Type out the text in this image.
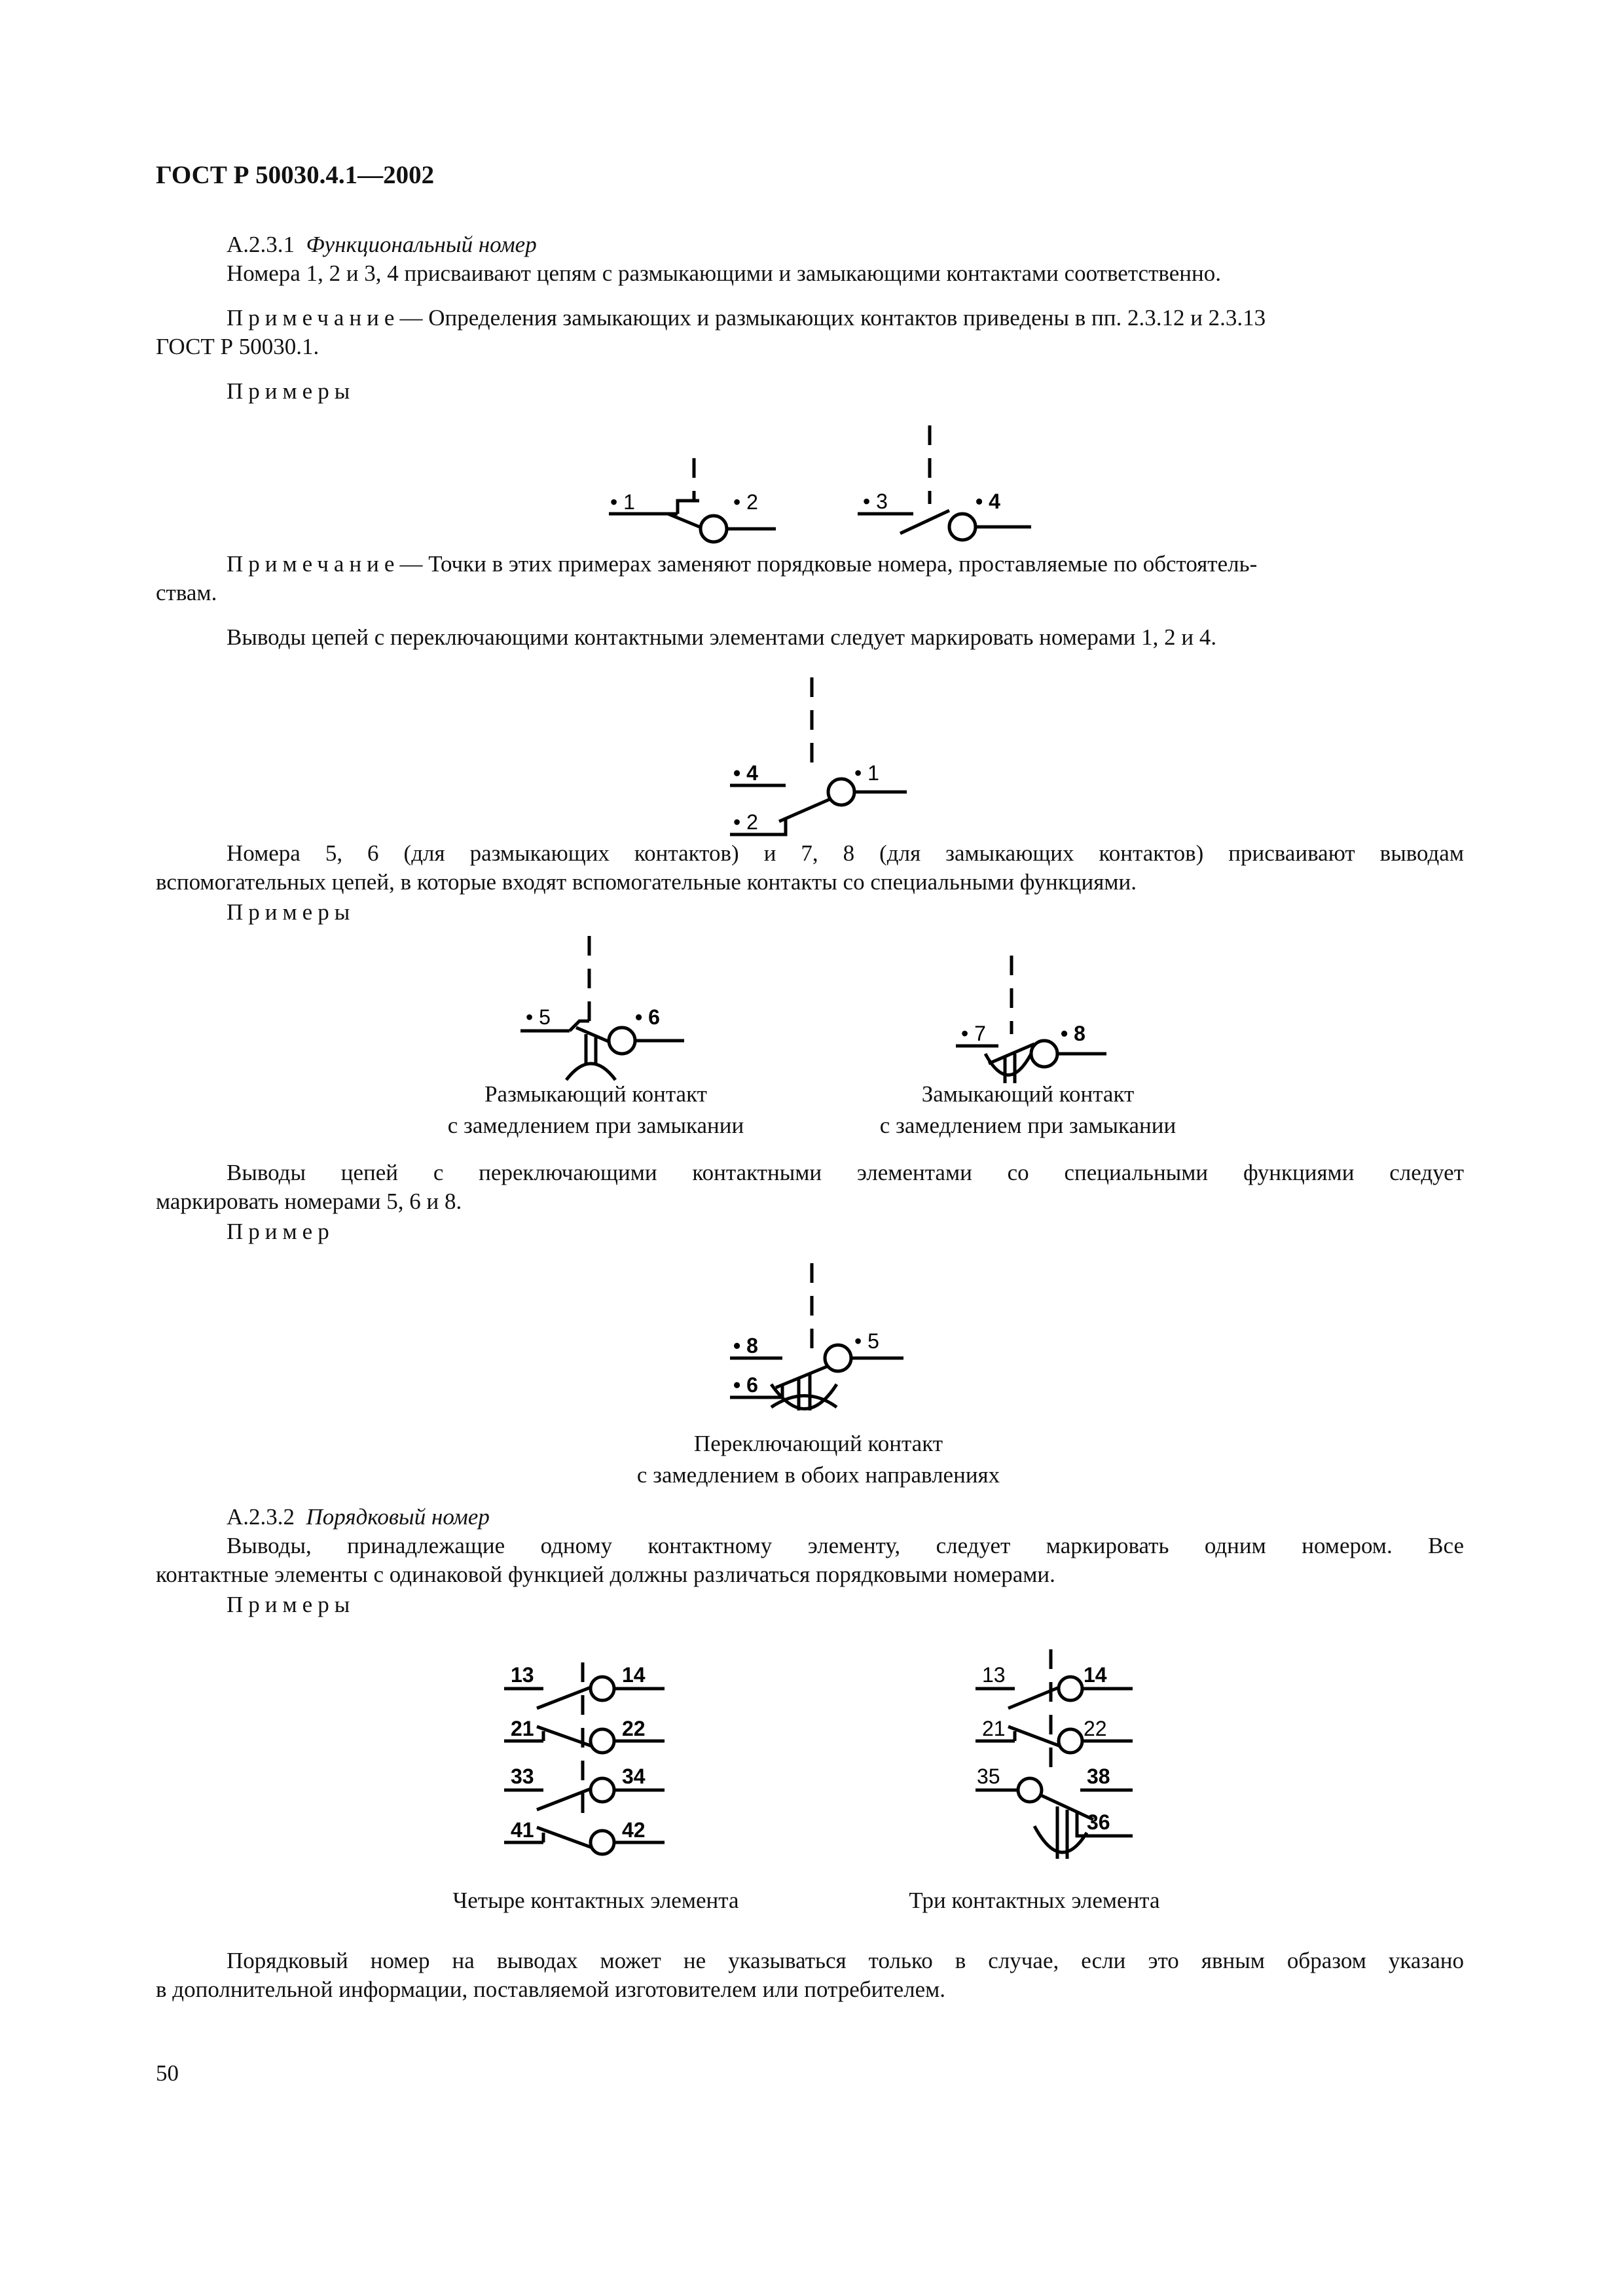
ГОСТ Р 50030.4.1—2002
А.2.3.1 Функциональный номер
Номера 1, 2 и 3, 4 присваивают цепям с размыкающими и замыкающими контактами соответственно.
Примечание— Определения замыкающих и размыкающих контактов приведены в пп. 2.3.12 и 2.3.13
ГОСТ Р 50030.1.
Примеры
• 1	• 2	• 3	• 4
Примечание— Точки в этих примерах заменяют порядковые номера, проставляемые по обстоятель-
ствам.
Выводы цепей с переключающими контактными элементами следует маркировать номерами 1, 2 и 4.
• 4
• 2
• 1
Номера 5, 6 (для размыкающих контактов) и 7, 8 (для замыкающих контактов) присваивают выводам
вспомогательных цепей, в которые входят вспомогательные контакты со специальными функциями.
Примеры
• 5	• 6
• 7	• 8
Размыкающий контакт
с замедлением при замыкании
Замыкающий контакт
с замедлением при замыкании
Выводы цепей с переключающими контактными элементами со специальными функциями следует
маркировать номерами 5, 6 и 8.
Пример
• 8
• 6
• 5
Переключающий контакт
с замедлением в обоих направлениях
А.2.3.2 Порядковый номер
Выводы, принадлежащие одному контактному элементу, следует маркировать одним номером. Все
контактные элементы с одинаковой функцией должны различаться порядковыми номерами.
Примеры
13	14
21	22
33	34
41	42
13	14
21	22
35	38
36
Четыре контактных элемента	Три контактных элемента
Порядковый номер на выводах может не указываться только в случае, если это явным образом указано
в дополнительной информации, поставляемой изготовителем или потребителем.
50
